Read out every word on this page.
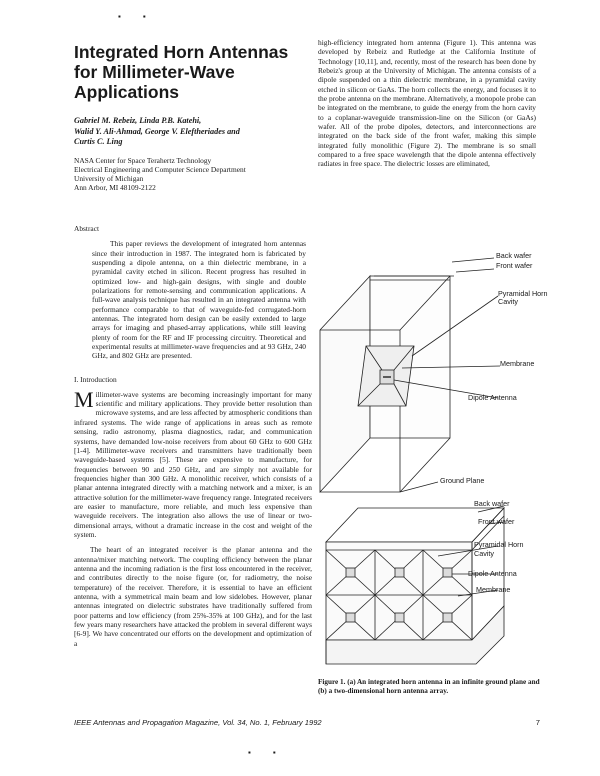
▪ ▪
Integrated Horn Antennas for Millimeter-Wave Applications
Gabriel M. Rebeiz, Linda P.B. Katehi,
Walid Y. Ali-Ahmad, George V. Eleftheriades and
Curtis C. Ling
NASA Center for Space Terahertz Technology
Electrical Engineering and Computer Science Department
University of Michigan
Ann Arbor, MI 48109-2122
Abstract

This paper reviews the development of integrated horn antennas since their introduction in 1987. The integrated horn is fabricated by suspending a dipole antenna, on a thin dielectric membrane, in a pyramidal cavity etched in silicon. Recent progress has resulted in optimized low- and high-gain designs, with single and double polarizations for remote-sensing and communication applications. A full-wave analysis technique has resulted in an integrated antenna with performance comparable to that of waveguide-fed corrugated-horn antennas. The integrated horn design can be easily extended to large arrays for imaging and phased-array applications, while still leaving plenty of room for the RF and IF processing circuitry. Theoretical and experimental results at millimeter-wave frequencies and at 93 GHz, 240 GHz, and 802 GHz are presented.

I. Introduction

Millimeter-wave systems are becoming increasingly important for many scientific and military applications. They provide better resolution than microwave systems, and are less affected by atmospheric conditions than infrared systems. The wide range of applications in areas such as remote sensing, radio astronomy, plasma diagnostics, radar, and communication systems, have demanded low-noise receivers from about 60 GHz to 600 GHz [1-4]. Millimeter-wave receivers and transmitters have traditionally been waveguide-based systems [5]. These are expensive to manufacture, for frequencies between 90 and 250 GHz, and are simply not available for frequencies higher than 300 GHz. A monolithic receiver, which consists of a planar antenna integrated directly with a matching network and a mixer, is an attractive solution for the millimeter-wave frequency range. Integrated receivers are easier to manufacture, more reliable, and much less expensive than waveguide receivers. The integration also allows the use of linear or two-dimensional arrays, without a dramatic increase in the cost and weight of the system.

The heart of an integrated receiver is the planar antenna and the antenna/mixer matching network. The coupling efficiency between the planar antenna and the incoming radiation is the first loss encountered in the receiver, and contributes directly to the noise figure (or, for radiometry, the noise temperature) of the receiver. Therefore, it is essential to have an efficient antenna, with a symmetrical main beam and low sidelobes. However, planar antennas integrated on dielectric substrates have traditionally suffered from poor patterns and low efficiency (from 25%-35% at 100 GHz), and for the last few years many researchers have attacked the problem in several different ways [6-9]. We have concentrated our efforts on the development and optimization of a

high-efficiency integrated horn antenna (Figure 1). This antenna was developed by Rebeiz and Rutledge at the California Institute of Technology [10,11], and, recently, most of the research has been done by Rebeiz's group at the University of Michigan. The antenna consists of a dipole suspended on a thin dielectric membrane, in a pyramidal cavity etched in silicon or GaAs. The horn collects the energy, and focuses it to the probe antenna on the membrane. Alternatively, a monopole probe can be integrated on the membrane, to guide the energy from the horn cavity to a coplanar-waveguide transmission-line on the Silicon (or GaAs) wafer. All of the probe dipoles, detectors, and interconnections are integrated on the back side of the front wafer, making this simple integrated fully monolithic (Figure 2). The membrane is so small compared to a free space wavelength that the dipole antenna effectively radiates in free space. The dielectric losses are eliminated,

Back wafer
Front wafer
Pyramidal Horn
Cavity
Membrane
Dipole Antenna
Ground Plane
Back wafer
Front wafer
Pyramidal Horn
Cavity
Dipole Antenna
Membrane
Figure 1. (a) An integrated horn antenna in an infinite ground plane and (b) a two-dimensional horn antenna array.
IEEE Antennas and Propagation Magazine, Vol. 34, No. 1, February 1992	7
▪ ▪
